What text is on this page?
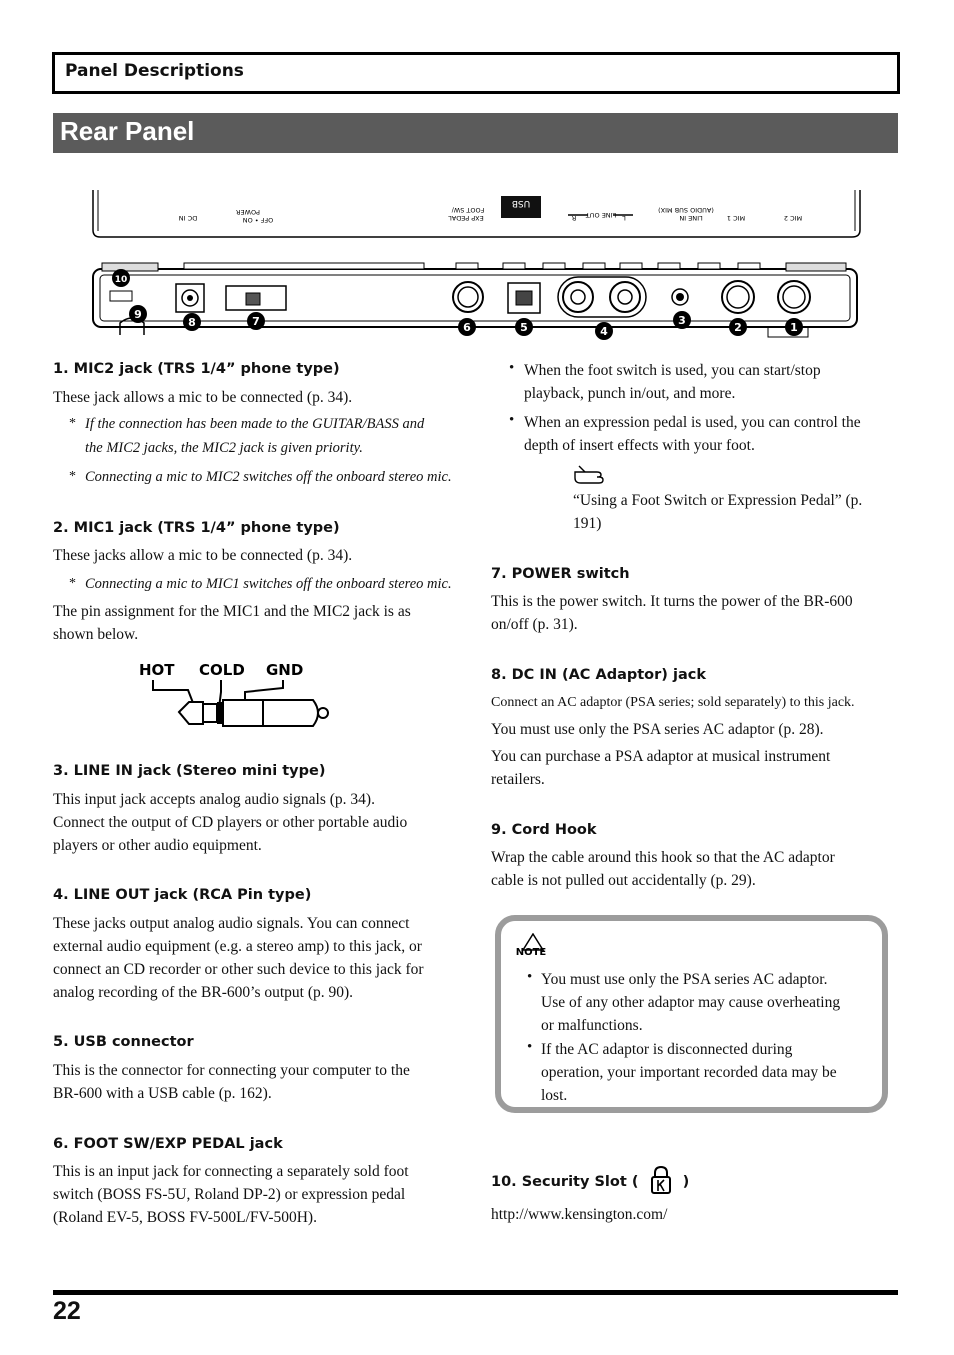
Panel Descriptions
Rear Panel
USB
DC IN
POWER
OFF • ON
FOOT SW/
EXP PEDAL	LINE OUT
R	L	LINE IN
(AUDIO SUB MIX)
MIC 1	MIC 2
1
2
3
4
5
6
7
8
9
10
1. MIC2 jack (TRS 1/4” phone type)
These jack allows a mic to be connected (p. 34).
* If the connection has been made to the GUITAR/BASS and
the MIC2 jacks, the MIC2 jack is given priority.
* Connecting a mic to MIC2 switches off the onboard stereo mic.
2. MIC1 jack (TRS 1/4” phone type)
These jacks allow a mic to be connected (p. 34).
* Connecting a mic to MIC1 switches off the onboard stereo mic.
The pin assignment for the MIC1 and the MIC2 jack is as
shown below.
HOT COLD GND
3. LINE IN jack (Stereo mini type)
This input jack accepts analog audio signals (p. 34).
Connect the output of CD players or other portable audio
players or other audio equipment.
4. LINE OUT jack (RCA Pin type)
These jacks output analog audio signals. You can connect
external audio equipment (e.g. a stereo amp) to this jack, or
connect an CD recorder or other such device to this jack for
analog recording of the BR-600’s output (p. 90).
5. USB connector
This is the connector for connecting your computer to the
BR-600 with a USB cable (p. 162).
6. FOOT SW/EXP PEDAL jack
This is an input jack for connecting a separately sold foot
switch (BOSS FS-5U, Roland DP-2) or expression pedal
(Roland EV-5, BOSS FV-500L/FV-500H).
• When the foot switch is used, you can start/stop
playback, punch in/out, and more.
• When an expression pedal is used, you can control the
depth of insert effects with your foot.
“Using a Foot Switch or Expression Pedal” (p.
191)
7. POWER switch
This is the power switch. It turns the power of the BR-600
on/off (p. 31).
8. DC IN (AC Adaptor) jack
Connect an AC adaptor (PSA series; sold separately) to this jack.
You must use only the PSA series AC adaptor (p. 28).
You can purchase a PSA adaptor at musical instrument
retailers.
9. Cord Hook
Wrap the cable around this hook so that the AC adaptor
cable is not pulled out accidentally (p. 29).
NOTE
• You must use only the PSA series AC adaptor.
Use of any other adaptor may cause overheating
or malfunctions.
• If the AC adaptor is disconnected during
operation, your important recorded data may be
lost.
10. Security Slot (	)
http://www.kensington.com/
22
